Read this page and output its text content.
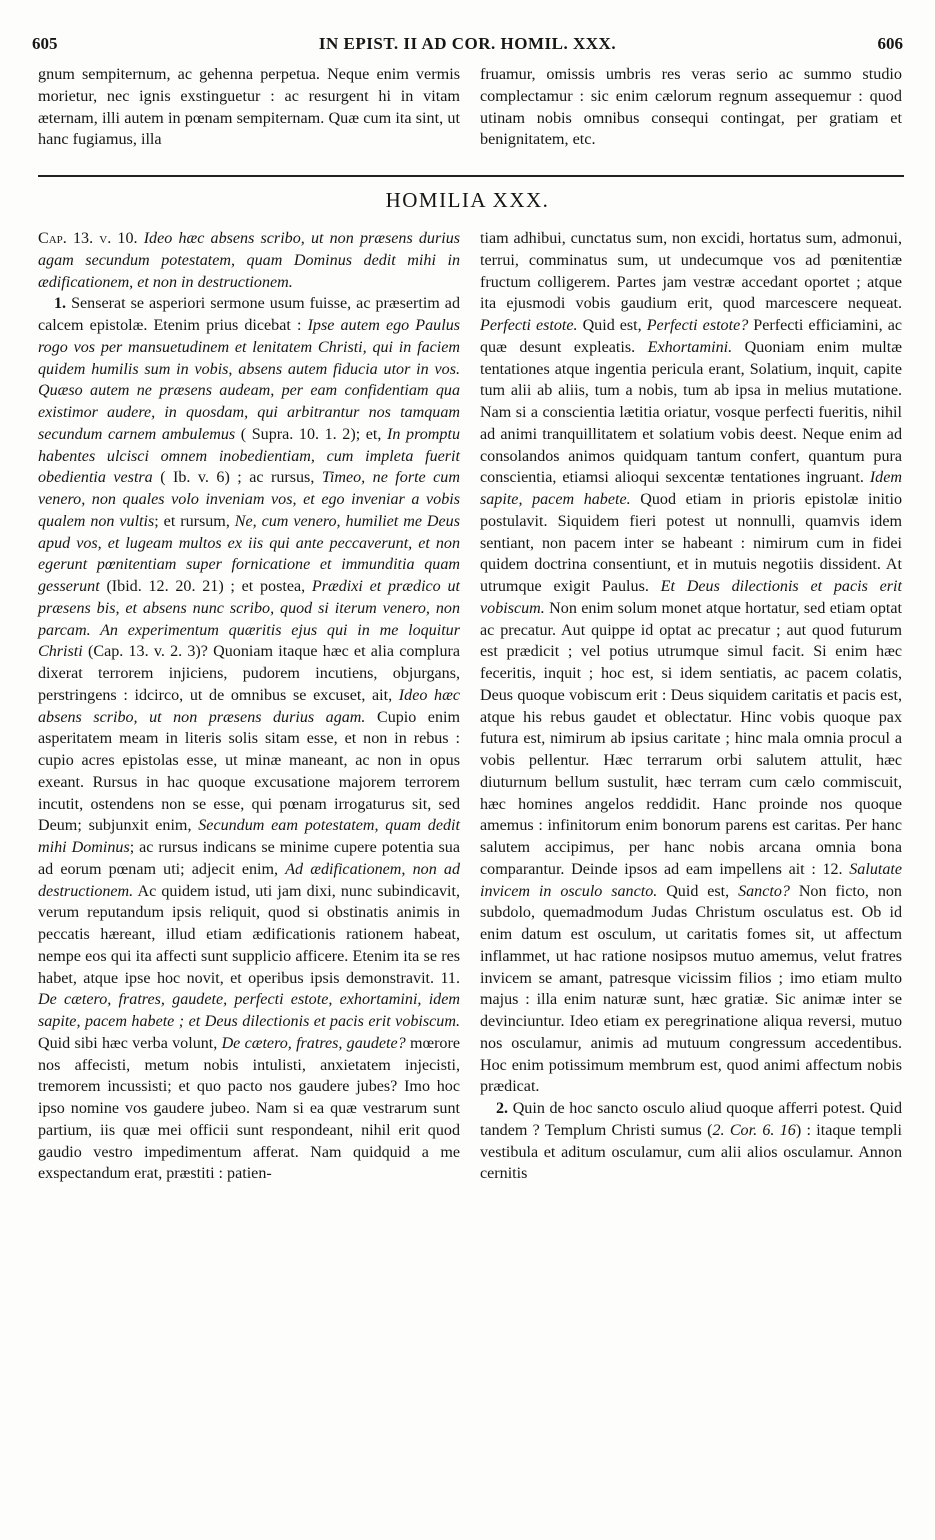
605	IN EPIST. II AD COR. HOMIL. XXX.	606

gnum sempiternum, ac gehenna perpetua. Neque enim vermis morietur, nec ignis exstinguetur : ac resurgent hi in vitam æternam, illi autem in pœnam sempiternam. Quæ cum ita sint, ut hanc fugiamus, illa

fruamur, omissis umbris res veras serio ac summo studio complectamur : sic enim cælorum regnum assequemur : quod utinam nobis omnibus consequi contingat, per gratiam et benignitatem, etc.

HOMILIA XXX.

Cap. 13. v. 10. Ideo hæc absens scribo, ut non præsens durius agam secundum potestatem, quam Dominus dedit mihi in ædificationem, et non in destructionem.

1. Senserat se asperiori sermone usum fuisse, ac præsertim ad calcem epistolæ. Etenim prius dicebat : Ipse autem ego Paulus rogo vos per mansuetudinem et lenitatem Christi, qui in faciem quidem humilis sum in vobis, absens autem fiducia utor in vos. Quæso autem ne præsens audeam, per eam confidentiam qua existimor audere, in quosdam, qui arbitrantur nos tamquam secundum carnem ambulemus ( Supra. 10. 1. 2); et, In promptu habentes ulcisci omnem inobedientiam, cum impleta fuerit obedientia vestra ( Ib. v. 6) ; ac rursus, Timeo, ne forte cum venero, non quales volo inveniam vos, et ego inveniar a vobis qualem non vultis; et rursum, Ne, cum venero, humiliet me Deus apud vos, et lugeam multos ex iis qui ante peccaverunt, et non egerunt pœnitentiam super fornicatione et immunditia quam gesserunt (Ibid. 12. 20. 21) ; et postea, Prædixi et prædico ut præsens bis, et absens nunc scribo, quod si iterum venero, non parcam. An experimentum quæritis ejus qui in me loquitur Christi (Cap. 13. v. 2. 3)? Quoniam itaque hæc et alia complura dixerat terrorem injiciens, pudorem incutiens, objurgans, perstringens : idcirco, ut de omnibus se excuset, ait, Ideo hæc absens scribo, ut non præsens durius agam. Cupio enim asperitatem meam in literis solis sitam esse, et non in rebus : cupio acres epistolas esse, ut minæ maneant, ac non in opus exeant. Rursus in hac quoque excusatione majorem terrorem incutit, ostendens non se esse, qui pœnam irrogaturus sit, sed Deum; subjunxit enim, Secundum eam potestatem, quam dedit mihi Dominus; ac rursus indicans se minime cupere potentia sua ad eorum pœnam uti; adjecit enim, Ad ædificationem, non ad destructionem. Ac quidem istud, uti jam dixi, nunc subindicavit, verum reputandum ipsis reliquit, quod si obstinatis animis in peccatis hæreant, illud etiam ædificationis rationem habeat, nempe eos qui ita affecti sunt supplicio afficere. Etenim ita se res habet, atque ipse hoc novit, et operibus ipsis demonstravit. 11. De cætero, fratres, gaudete, perfecti estote, exhortamini, idem sapite, pacem habete ; et Deus dilectionis et pacis erit vobiscum. Quid sibi hæc verba volunt, De cætero, fratres, gaudete? mœrore nos affecisti, metum nobis intulisti, anxietatem injecisti, tremorem incussisti; et quo pacto nos gaudere jubes? Imo hoc ipso nomine vos gaudere jubeo. Nam si ea quæ vestrarum sunt partium, iis quæ mei officii sunt respondeant, nihil erit quod gaudio vestro impedimentum afferat. Nam quidquid a me exspectandum erat, præstiti : patien-

tiam adhibui, cunctatus sum, non excidi, hortatus sum, admonui, terrui, comminatus sum, ut undecumque vos ad pœnitentiæ fructum colligerem. Partes jam vestræ accedant oportet ; atque ita ejusmodi vobis gaudium erit, quod marcescere nequeat. Perfecti estote. Quid est, Perfecti estote? Perfecti efficiamini, ac quæ desunt expleatis. Exhortamini. Quoniam enim multæ tentationes atque ingentia pericula erant, Solatium, inquit, capite tum alii ab aliis, tum a nobis, tum ab ipsa in melius mutatione. Nam si a conscientia lætitia oriatur, vosque perfecti fueritis, nihil ad animi tranquillitatem et solatium vobis deest. Neque enim ad consolandos animos quidquam tantum confert, quantum pura conscientia, etiamsi alioqui sexcentæ tentationes ingruant. Idem sapite, pacem habete. Quod etiam in prioris epistolæ initio postulavit. Siquidem fieri potest ut nonnulli, quamvis idem sentiant, non pacem inter se habeant : nimirum cum in fidei quidem doctrina consentiunt, et in mutuis negotiis dissident. At utrumque exigit Paulus. Et Deus dilectionis et pacis erit vobiscum. Non enim solum monet atque hortatur, sed etiam optat ac precatur. Aut quippe id optat ac precatur ; aut quod futurum est prædicit ; vel potius utrumque simul facit. Si enim hæc feceritis, inquit ; hoc est, si idem sentiatis, ac pacem colatis, Deus quoque vobiscum erit : Deus siquidem caritatis et pacis est, atque his rebus gaudet et oblectatur. Hinc vobis quoque pax futura est, nimirum ab ipsius caritate ; hinc mala omnia procul a vobis pellentur. Hæc terrarum orbi salutem attulit, hæc diuturnum bellum sustulit, hæc terram cum cælo commiscuit, hæc homines angelos reddidit. Hanc proinde nos quoque amemus : infinitorum enim bonorum parens est caritas. Per hanc salutem accipimus, per hanc nobis arcana omnia bona comparantur. Deinde ipsos ad eam impellens ait : 12. Salutate invicem in osculo sancto. Quid est, Sancto? Non ficto, non subdolo, quemadmodum Judas Christum osculatus est. Ob id enim datum est osculum, ut caritatis fomes sit, ut affectum inflammet, ut hac ratione nosipsos mutuo amemus, velut fratres invicem se amant, patresque vicissim filios ; imo etiam multo majus : illa enim naturæ sunt, hæc gratiæ. Sic animæ inter se devinciuntur. Ideo etiam ex peregrinatione aliqua reversi, mutuo nos osculamur, animis ad mutuum congressum accedentibus. Hoc enim potissimum membrum est, quod animi affectum nobis prædicat.

2. Quin de hoc sancto osculo aliud quoque afferri potest. Quid tandem ? Templum Christi sumus (2. Cor. 6. 16) : itaque templi vestibula et aditum osculamur, cum alii alios osculamur. Annon cernitis
